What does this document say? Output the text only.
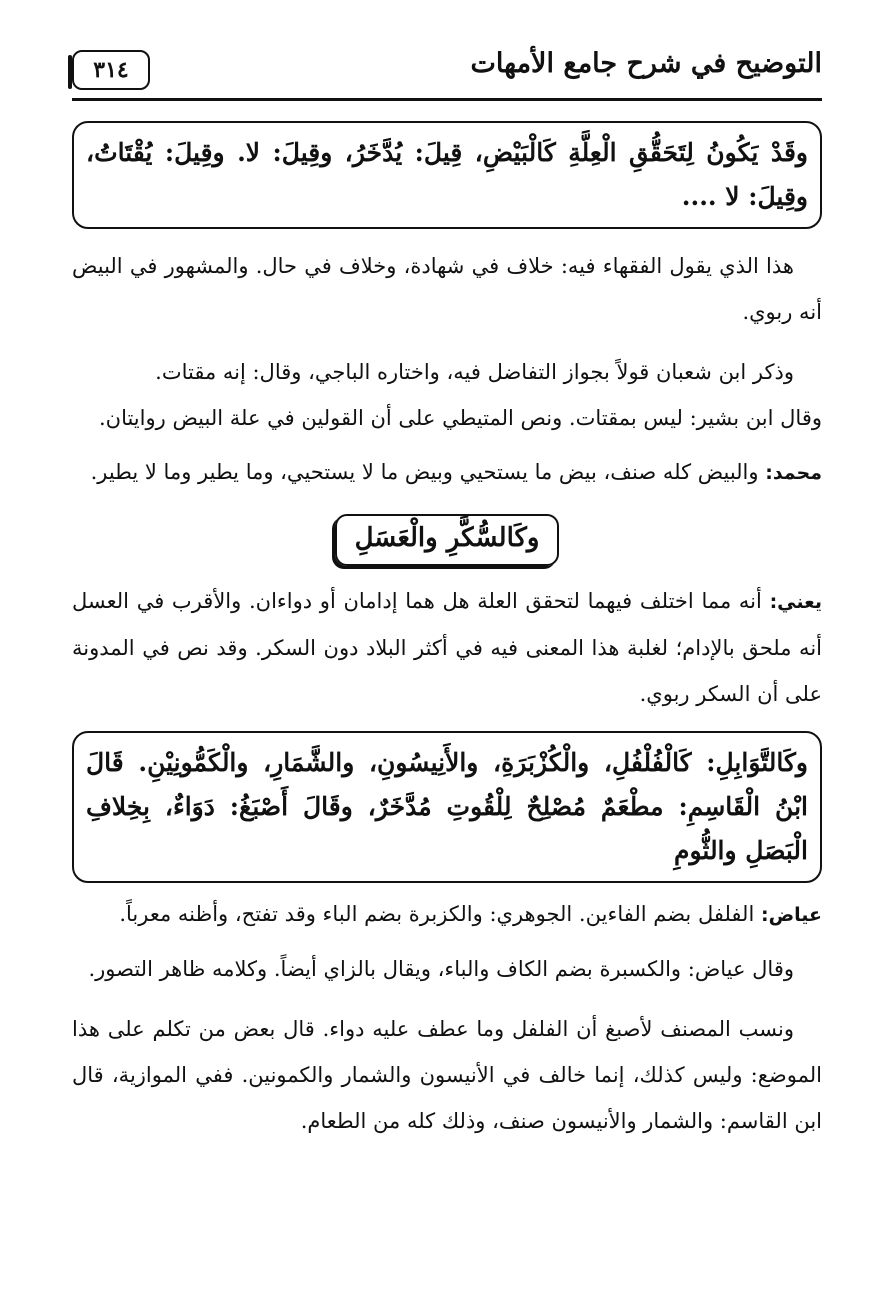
التوضيح في شرح جامع الأمهات
٣١٤
وقَدْ يَكُونُ لِتَحَقُّقِ الْعِلَّةِ كَالْبَيْضِ، قِيلَ: يُدَّخَرُ، وقِيلَ: لا. وقِيلَ: يُقْتَاتُ، وقِيلَ: لا ....

هذا الذي يقول الفقهاء فيه: خلاف في شهادة، وخلاف في حال. والمشهور في البيض أنه ربوي.

وذكر ابن شعبان قولاً بجواز التفاضل فيه، واختاره الباجي، وقال: إنه مقتات.

وقال ابن بشير: ليس بمقتات. ونص المتيطي على أن القولين في علة البيض روايتان.

محمد: والبيض كله صنف، بيض ما يستحيي وبيض ما لا يستحيي، وما يطير وما لا يطير.

وكَالسُّكَّرِ والْعَسَلِ

يعني: أنه مما اختلف فيهما لتحقق العلة هل هما إدامان أو دواءان. والأقرب في العسل أنه ملحق بالإدام؛ لغلبة هذا المعنى فيه في أكثر البلاد دون السكر. وقد نص في المدونة على أن السكر ربوي.

وكَالتَّوَابِلِ: كَالْفُلْفُلِ، والْكُزْبَرَةِ، والأَنِيسُونِ، والشَّمَارِ، والْكَمُّونِيْنِ. قَالَ ابْنُ الْقَاسِمِ: مطْعَمٌ مُصْلِحٌ لِلْقُوتِ مُدَّخَرٌ، وقَالَ أَصْبَغُ: دَوَاءٌ، بِخِلافِ الْبَصَلِ والثُّومِ

عياض: الفلفل بضم الفاءين. الجوهري: والكزبرة بضم الباء وقد تفتح، وأظنه معرباً.

وقال عياض: والكسبرة بضم الكاف والباء، ويقال بالزاي أيضاً. وكلامه ظاهر التصور.

ونسب المصنف لأصبغ أن الفلفل وما عطف عليه دواء. قال بعض من تكلم على هذا الموضع: وليس كذلك، إنما خالف في الأنيسون والشمار والكمونين. ففي الموازية، قال ابن القاسم: والشمار والأنيسون صنف، وذلك كله من الطعام.
